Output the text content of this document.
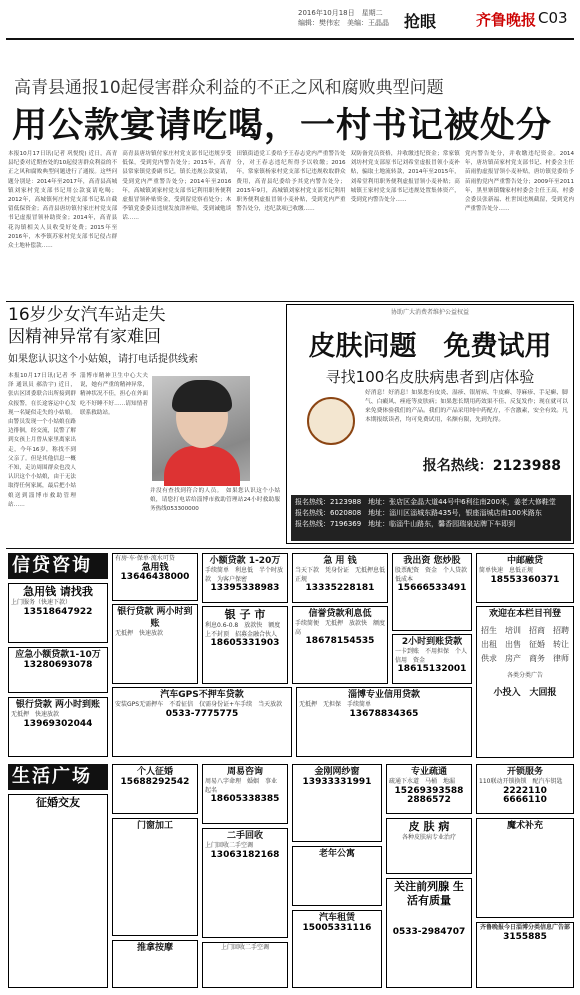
2016年10月18日　星期二
编辑：樊伟宏　美编：王晶晶 抢眼	齐鲁晚报 C03
高青县通报10起侵害群众利益的不正之风和腐败典型问题
用公款宴请吃喝，一村书记被处分
本报10月17日讯(记者 巩悦悦) 近日，高青县纪委对近期查处的10起侵害群众利益的不正之风和腐败典型问题进行了通报。这些问题分别是：2014年至2017年，高青县高城镇刘家村党支部书记用公款宴请吃喝；2012年，高城镇何庄村党支部书记私自截留低保资金；高青县唐坊镇付家庄村党支部书记虚报冒领补助资金；2014年，高青县花沟镇相关人员收受好处费；2015年至2016年，木李镇苏家村党支部书记侵占群众土地补偿款……
高青县唐坊镇付家庄村党支部书记违规享受低保，受到党内警告处分；2015年，高青县常家镇党委副书记，镇长违规公款宴请，受到党内严重警告处分；2014年至2016年，高城镇刘家村党支部书记利用职务便利虚报冒领补贴资金，受到留党察看处分；木李镇党委委员违规发放津补贴，受到诫勉谈话……
田镇街道党工委给予王春志党内严重警告处分，对王春志违纪所得予以收缴；2016年，常家镇杨家村党支部书记违规收取群众费用，高青县纪委给予其党内警告处分；2015年9月，高城镇刘家村党支部书记利用职务便利虚报冒领小麦补贴，受到党内严重警告处分，违纪款项已收缴……
双防备党员资格，并收缴违纪资金；常家镇刘坊村党支部原书记刘希堂虚报冒领小麦补贴，骗取土地流转款，2014年至2015年，刘希堂利用职务便利虚报冒领小麦补贴；高城镇王家村党支部书记违规处置集体资产，受到党内警告处分……
党内警告处分，并收缴违纪资金。2014年，唐坊镇苗家村党支部书记、村委会主任苗雨豹虚报冒领小麦补贴，唐坊镇党委给予苗雨豹党内严重警告处分；2009年至2011年，黑里寨镇魏家村村委会主任王高，村委会委员张新福、杜世国违规截留，受到党内严重警告处分……
16岁少女汽车站走失
因精神异常有家难回
如果您认识这个小姑娘，请打电话提供线索
本报10月17日讯(记者 李泽 通讯员 郝浩宇) 近日，张店区团委联合出所接到群众报警，在长途客运中心发现一名疑似走失的小姑娘。由警员发现一个小姑娘在路边徘徊，经交流，民警了解到女孩上月曾从家里离家出走，今年16岁，称找不到父亲了。但是其他信息一概不知，走访周围群众也没人认识这个小姑娘，由于无法取得任何家属，最后把小姑娘送到淄博市救助管理站……
淄博市精神卫生中心大夫说，她有严重的精神异常，精神状况不佳，担心在外面吃不好睡不好……请知情者联系救助站。
并没有查找到符合的人员。　如果您认识这个小姑娘，请您打电话给淄博市救助管理站24小时救助服务热线053300000
协助广大消费者维护公益权益
皮肤问题　免费试用
寻找100名皮肤病患者到店体验
好消息！好消息！如果您有皮炎、湿疹、银屑病、牛皮癣、荨麻疹、手足癣、脚气、白癜风、痤疮等皮肤病；如果您长期用药效果不佳、反复发作；现在就可以来免费体验我们的产品。我们的产品采用纯中药配方，不含激素，安全有效。凡本期报纸读者，均可免费试用，名额有限，先到先得。
报名热线：2123988
报名热线：2123988　地址：张店区金晶大道44号中6利往南200米，姜老大修鞋堂
报名热线：6020808　地址：淄川区淄城东路435号，银座淄城店南100米路东
报名热线：7196369　地址：临淄牛山路东，馨香园瑞泉站牌下车即到
信贷咨询
生活广场
急用钱 请找我
上门服务（快速下款）
13518647922
应急小额贷款1-10万
13280693078
银行贷款 两小时到账
无抵押　快速放款
13969302044
有房·车·保单·流水可贷
急用钱13646438000
银行贷款 两小时到账
无抵押　快速放款
小额贷款 1-20万
手续简单　利息低　半个时放款　为客户保密
13395338983
银 子 市
利息0.6-0.8　放款快　额度上不封顶　招募金融合伙人
18605331903
急 用 钱
当天下款　凭身份证　无抵押息低正规
13335228181
信誉贷款利息低
手续简便　无抵押　放款快　额度高
18678154535
我出资 您炒股
股票配资　资金　个人贷款　低成本
15666533491
2小时到账贷款
一卡到账　不用担保　个人信用　资金
18615132001
中邮融贷
简单快速　息低正规
18553360371
欢迎在本栏目刊登
招生　 培训　 招商　 招聘
出租　 出售　 征婚　 转让
供求　 房产　 商务　 律师
各类分类广告
小投入　大回报
汽车GPS不押车贷款
安装GPS无需押车　不看征信　仅需身份证+车手续　当天放款
0533-7775775
淄博专业信用贷款
无抵押　无担保　手续简单
13678834365
征婚交友
个人征婚
15688292542
门窗加工
推拿按摩
周易咨询
周易八字命理　婚姻　事业　起名
18605338385
二手回收
上门回收二手空调
13063182168
上门回收二手空调
金刚网纱窗
13933331991
老年公寓
汽车租赁
15005331116
专业疏通
疏通下水道　马桶　地漏
15269393588 2886572
皮 肤 病
各种皮肤病专业治疗
关注前列腺 生活有质量
0533-2984707
开锁服务
110联动开锁换锁　配汽车钥匙
2222110　6666110
魔术补充
齐鲁晚报今日淄博分类信息广告部
3155885
